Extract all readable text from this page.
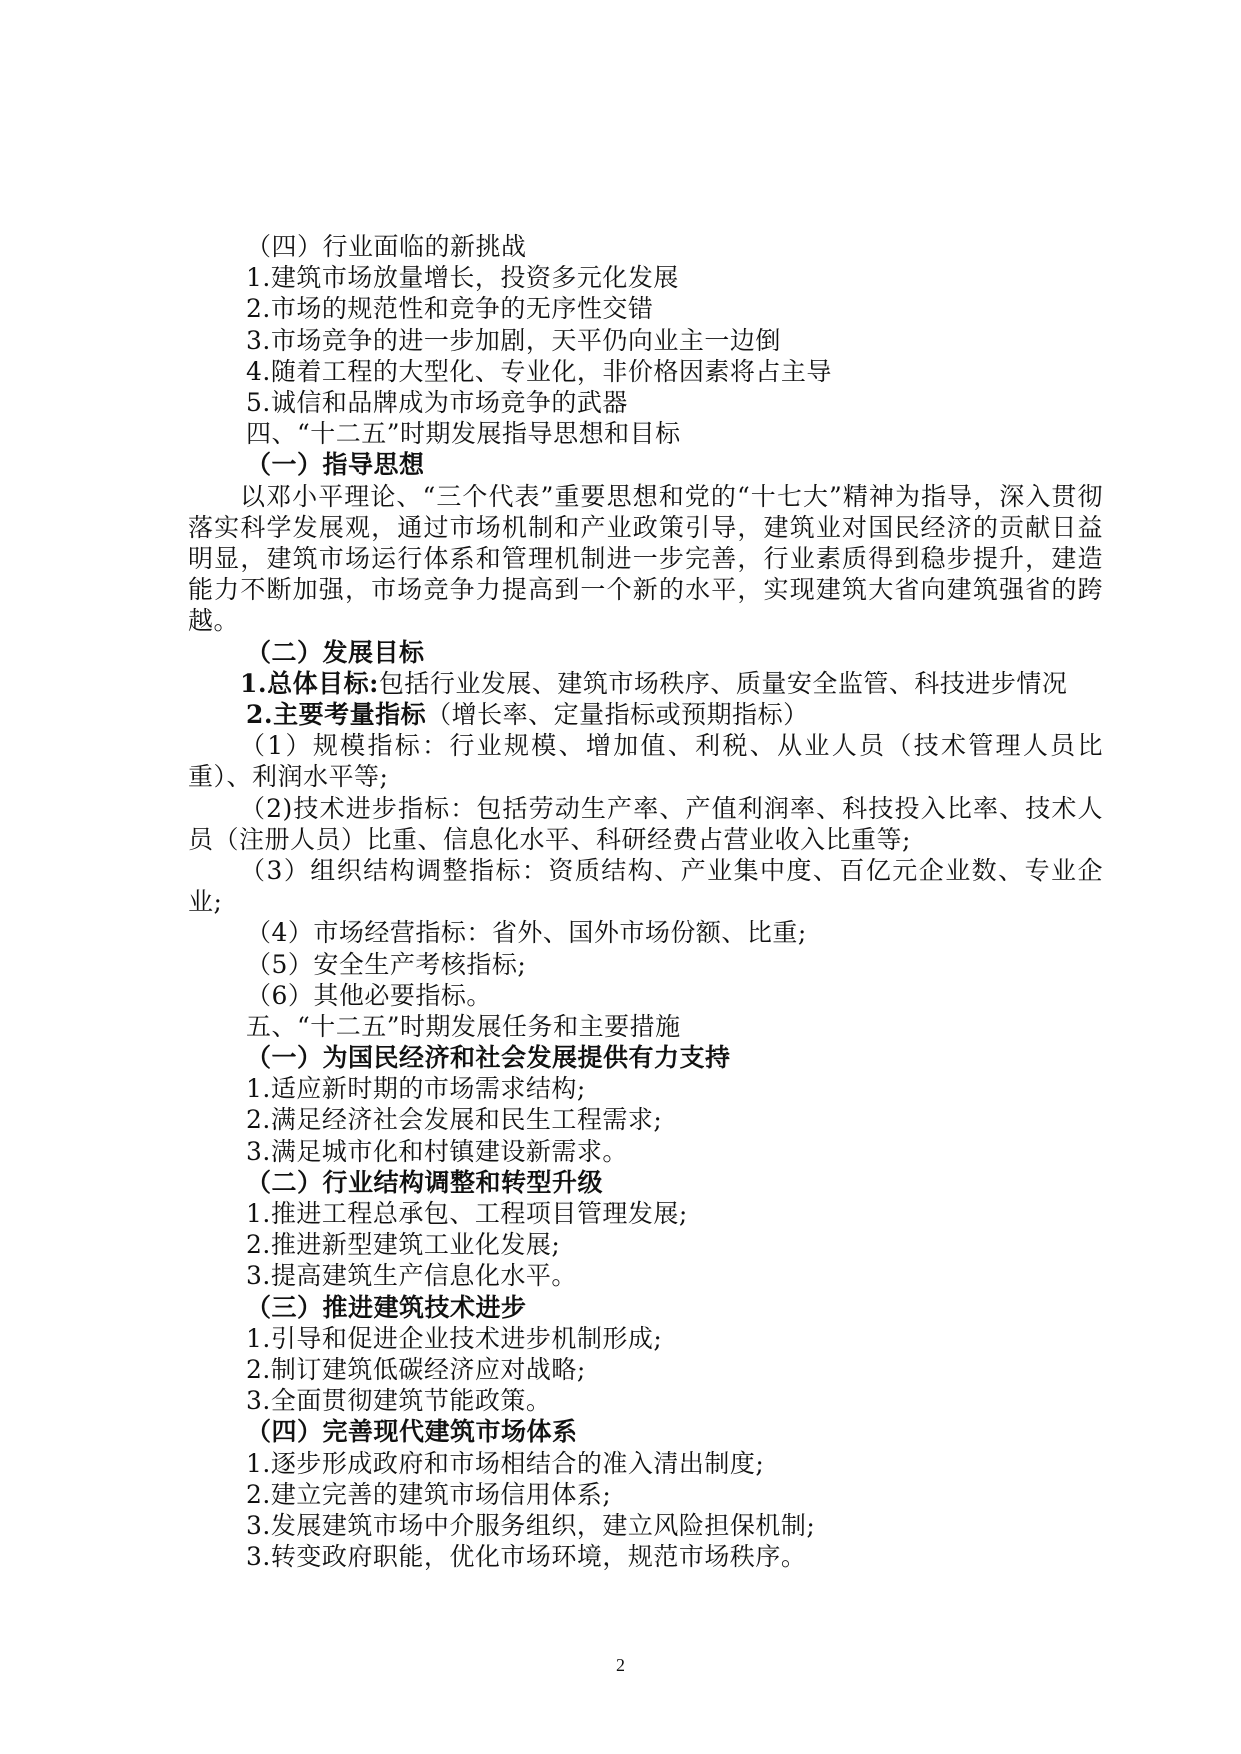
（四）行业面临的新挑战
1.建筑市场放量增长，投资多元化发展
2.市场的规范性和竞争的无序性交错
3.市场竞争的进一步加剧，天平仍向业主一边倒
4.随着工程的大型化、专业化，非价格因素将占主导
5.诚信和品牌成为市场竞争的武器
四、“十二五”时期发展指导思想和目标
（一）指导思想
以邓小平理论、“三个代表”重要思想和党的“十七大”精神为指导，深入贯彻落实科学发展观，通过市场机制和产业政策引导，建筑业对国民经济的贡献日益明显，建筑市场运行体系和管理机制进一步完善，行业素质得到稳步提升，建造能力不断加强，市场竞争力提高到一个新的水平，实现建筑大省向建筑强省的跨越。
（二）发展目标
1.总体目标:包括行业发展、建筑市场秩序、质量安全监管、科技进步情况
2.主要考量指标（增长率、定量指标或预期指标）
（1）规模指标：行业规模、增加值、利税、从业人员（技术管理人员比重）、利润水平等;
（2)技术进步指标：包括劳动生产率、产值利润率、科技投入比率、技术人员（注册人员）比重、信息化水平、科研经费占营业收入比重等;
（3）组织结构调整指标：资质结构、产业集中度、百亿元企业数、专业企业;
（4）市场经营指标：省外、国外市场份额、比重;
（5）安全生产考核指标;
（6）其他必要指标。
五、“十二五”时期发展任务和主要措施
（一）为国民经济和社会发展提供有力支持
1.适应新时期的市场需求结构;
2.满足经济社会发展和民生工程需求;
3.满足城市化和村镇建设新需求。
（二）行业结构调整和转型升级
1.推进工程总承包、工程项目管理发展;
2.推进新型建筑工业化发展;
3.提高建筑生产信息化水平。
（三）推进建筑技术进步
1.引导和促进企业技术进步机制形成;
2.制订建筑低碳经济应对战略;
3.全面贯彻建筑节能政策。
（四）完善现代建筑市场体系
1.逐步形成政府和市场相结合的准入清出制度;
2.建立完善的建筑市场信用体系;
3.发展建筑市场中介服务组织，建立风险担保机制;
3.转变政府职能，优化市场环境，规范市场秩序。
2
